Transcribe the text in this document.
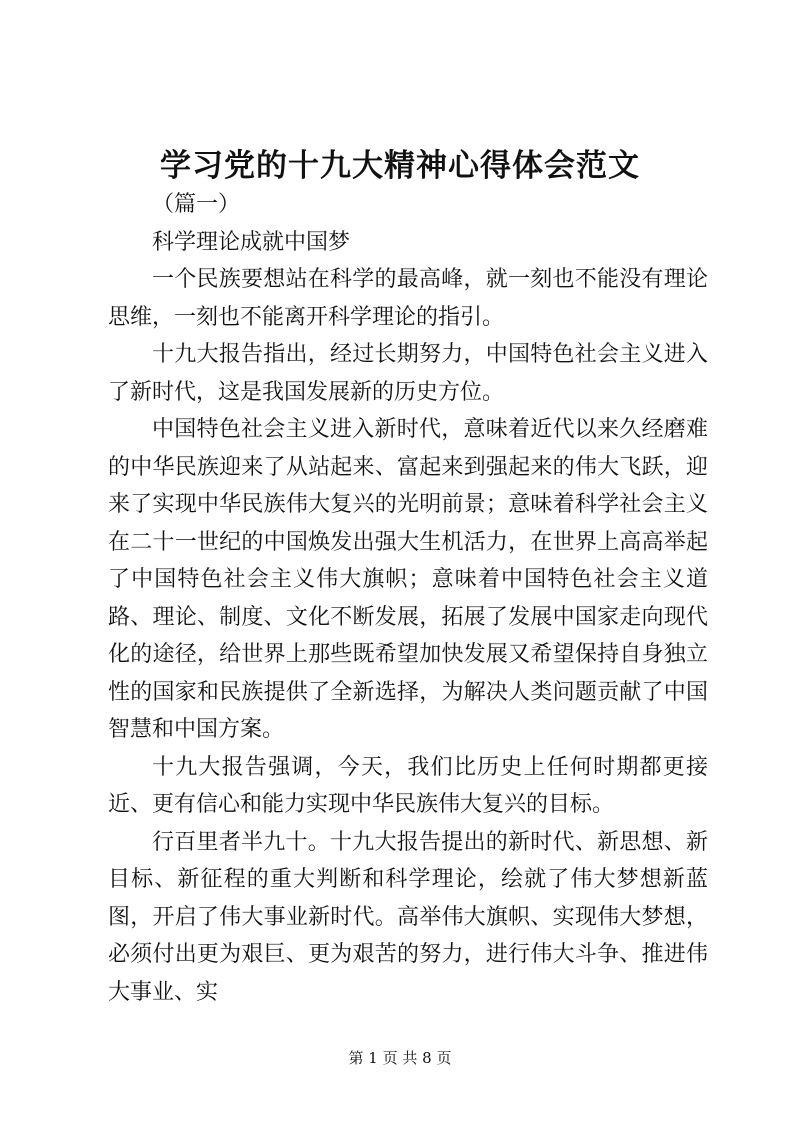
学习党的十九大精神心得体会范文

（篇一）

科学理论成就中国梦

一个民族要想站在科学的最高峰，就一刻也不能没有理论思维，一刻也不能离开科学理论的指引。

十九大报告指出，经过长期努力，中国特色社会主义进入了新时代，这是我国发展新的历史方位。

中国特色社会主义进入新时代，意味着近代以来久经磨难的中华民族迎来了从站起来、富起来到强起来的伟大飞跃，迎来了实现中华民族伟大复兴的光明前景；意味着科学社会主义在二十一世纪的中国焕发出强大生机活力，在世界上高高举起了中国特色社会主义伟大旗帜；意味着中国特色社会主义道路、理论、制度、文化不断发展，拓展了发展中国家走向现代化的途径，给世界上那些既希望加快发展又希望保持自身独立性的国家和民族提供了全新选择，为解决人类问题贡献了中国智慧和中国方案。

十九大报告强调，今天，我们比历史上任何时期都更接近、更有信心和能力实现中华民族伟大复兴的目标。

行百里者半九十。十九大报告提出的新时代、新思想、新目标、新征程的重大判断和科学理论，绘就了伟大梦想新蓝图，开启了伟大事业新时代。高举伟大旗帜、实现伟大梦想，必须付出更为艰巨、更为艰苦的努力，进行伟大斗争、推进伟大事业、实

第 1 页 共 8 页
